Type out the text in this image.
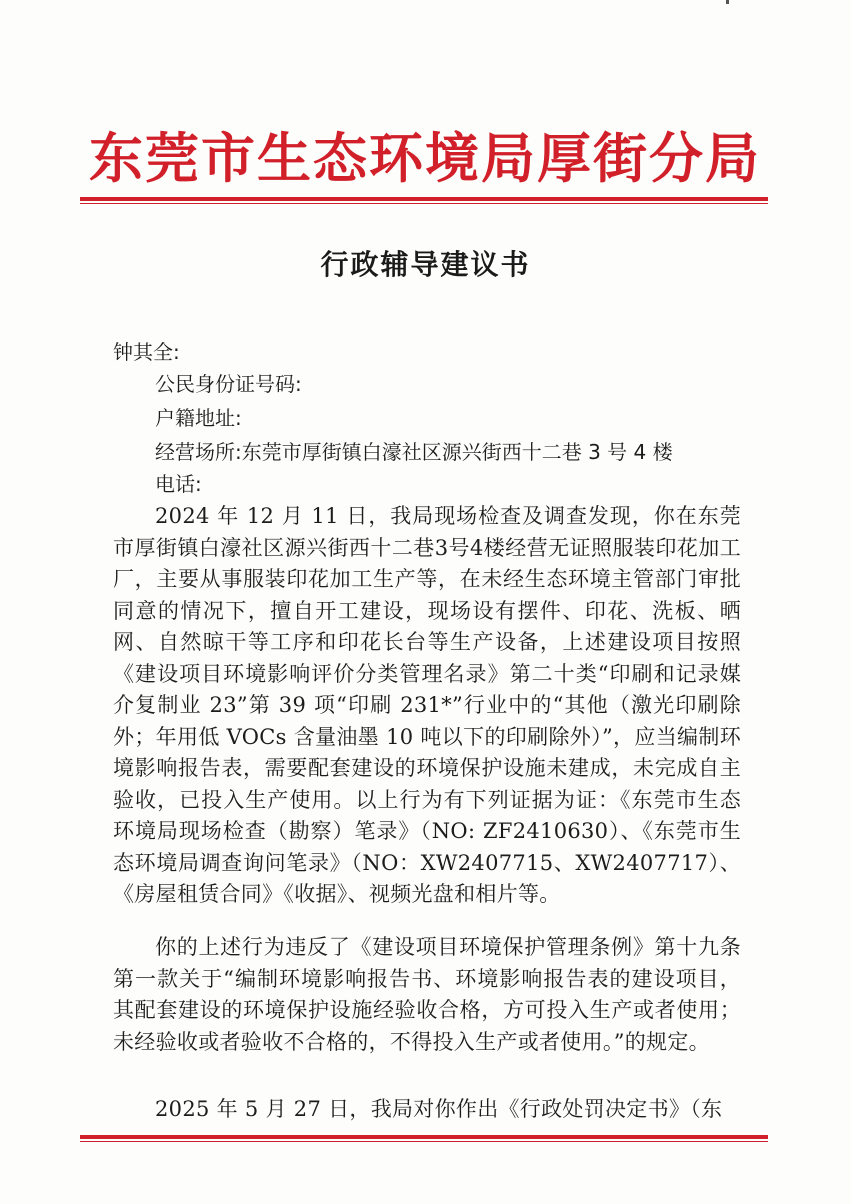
东莞市生态环境局厚街分局
行政辅导建议书
钟其全:
公民身份证号码:
户籍地址:
经营场所:东莞市厚街镇白濠社区源兴街西十二巷 3 号 4 楼
电话:
2024 年 12 月 11 日，我局现场检查及调查发现，你在东莞市厚街镇白濠社区源兴街西十二巷3号4楼经营无证照服装印花加工厂，主要从事服装印花加工生产等，在未经生态环境主管部门审批同意的情况下，擅自开工建设，现场设有摆件、印花、洗板、晒网、自然晾干等工序和印花长台等生产设备，上述建设项目按照《建设项目环境影响评价分类管理名录》第二十类“印刷和记录媒介复制业 23”第 39 项“印刷 231*”行业中的“其他（激光印刷除外；年用低 VOCs 含量油墨 10 吨以下的印刷除外）”，应当编制环境影响报告表，需要配套建设的环境保护设施未建成，未完成自主验收，已投入生产使用。以上行为有下列证据为证：《东莞市生态环境局现场检查（勘察）笔录》（NO: ZF2410630）、《东莞市生态环境局调查询问笔录》（NO：XW2407715、XW2407717）、《房屋租赁合同》《收据》、视频光盘和相片等。
你的上述行为违反了《建设项目环境保护管理条例》第十九条第一款关于“编制环境影响报告书、环境影响报告表的建设项目，其配套建设的环境保护设施经验收合格，方可投入生产或者使用；未经验收或者验收不合格的，不得投入生产或者使用。”的规定。
2025 年 5 月 27 日，我局对你作出《行政处罚决定书》（东
